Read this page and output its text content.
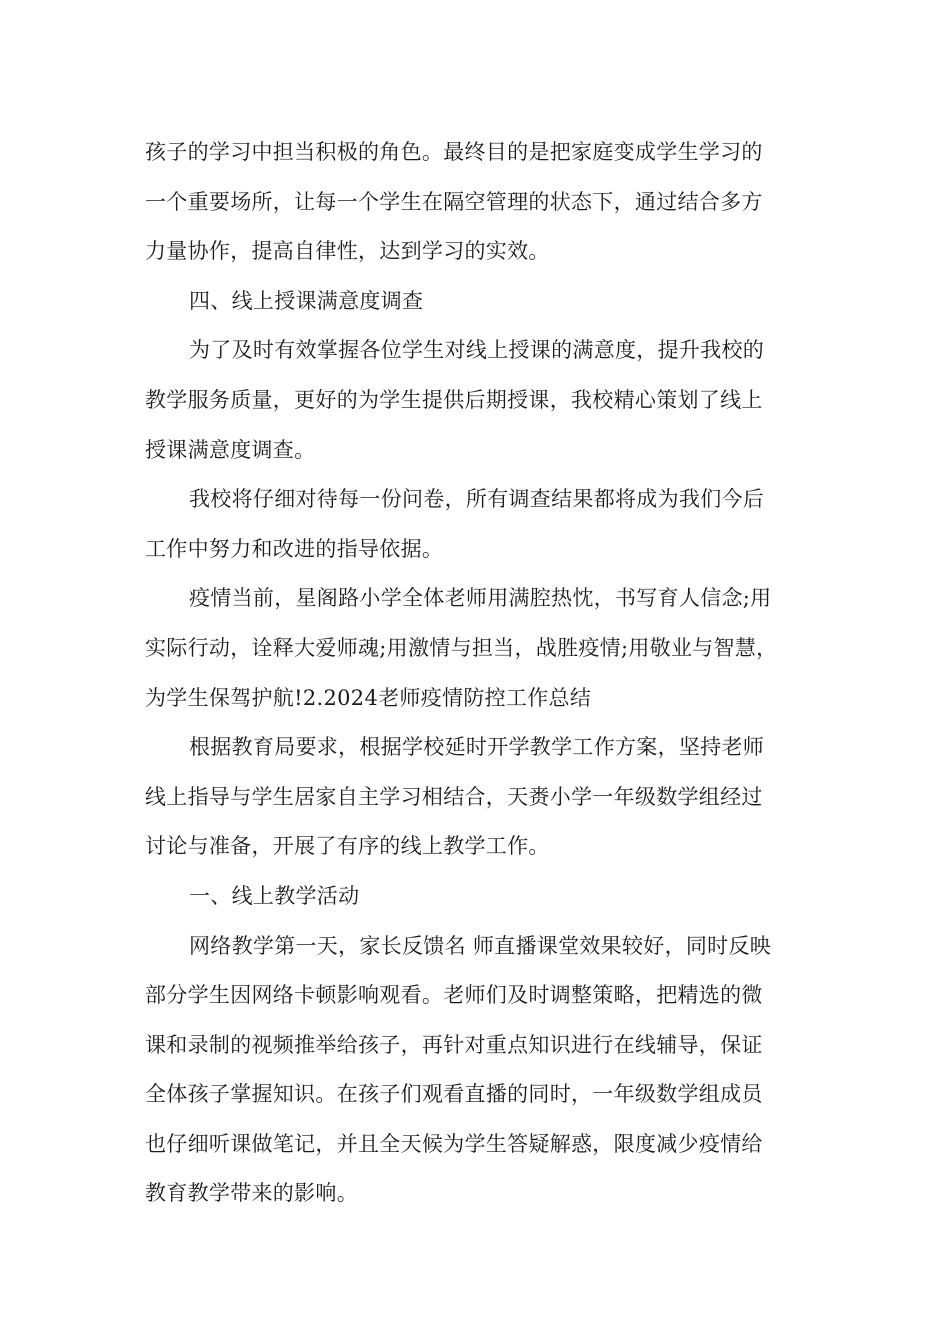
孩子的学习中担当积极的角色。最终目的是把家庭变成学生学习的
一个重要场所，让每一个学生在隔空管理的状态下，通过结合多方
力量协作，提高自律性，达到学习的实效。
四、线上授课满意度调查
为了及时有效掌握各位学生对线上授课的满意度，提升我校的
教学服务质量，更好的为学生提供后期授课，我校精心策划了线上
授课满意度调查。
我校将仔细对待每一份问卷，所有调查结果都将成为我们今后
工作中努力和改进的指导依据。
疫情当前，星阁路小学全体老师用满腔热忱，书写育人信念;用
实际行动，诠释大爱师魂;用激情与担当，战胜疫情;用敬业与智慧，
为学生保驾护航!2.2024老师疫情防控工作总结
根据教育局要求，根据学校延时开学教学工作方案，坚持老师
线上指导与学生居家自主学习相结合，天赉小学一年级数学组经过
讨论与准备，开展了有序的线上教学工作。
一、线上教学活动
网络教学第一天，家长反馈名 师直播课堂效果较好，同时反映
部分学生因网络卡顿影响观看。老师们及时调整策略，把精选的微
课和录制的视频推举给孩子，再针对重点知识进行在线辅导，保证
全体孩子掌握知识。在孩子们观看直播的同时，一年级数学组成员
也仔细听课做笔记，并且全天候为学生答疑解惑，限度减少疫情给
教育教学带来的影响。
